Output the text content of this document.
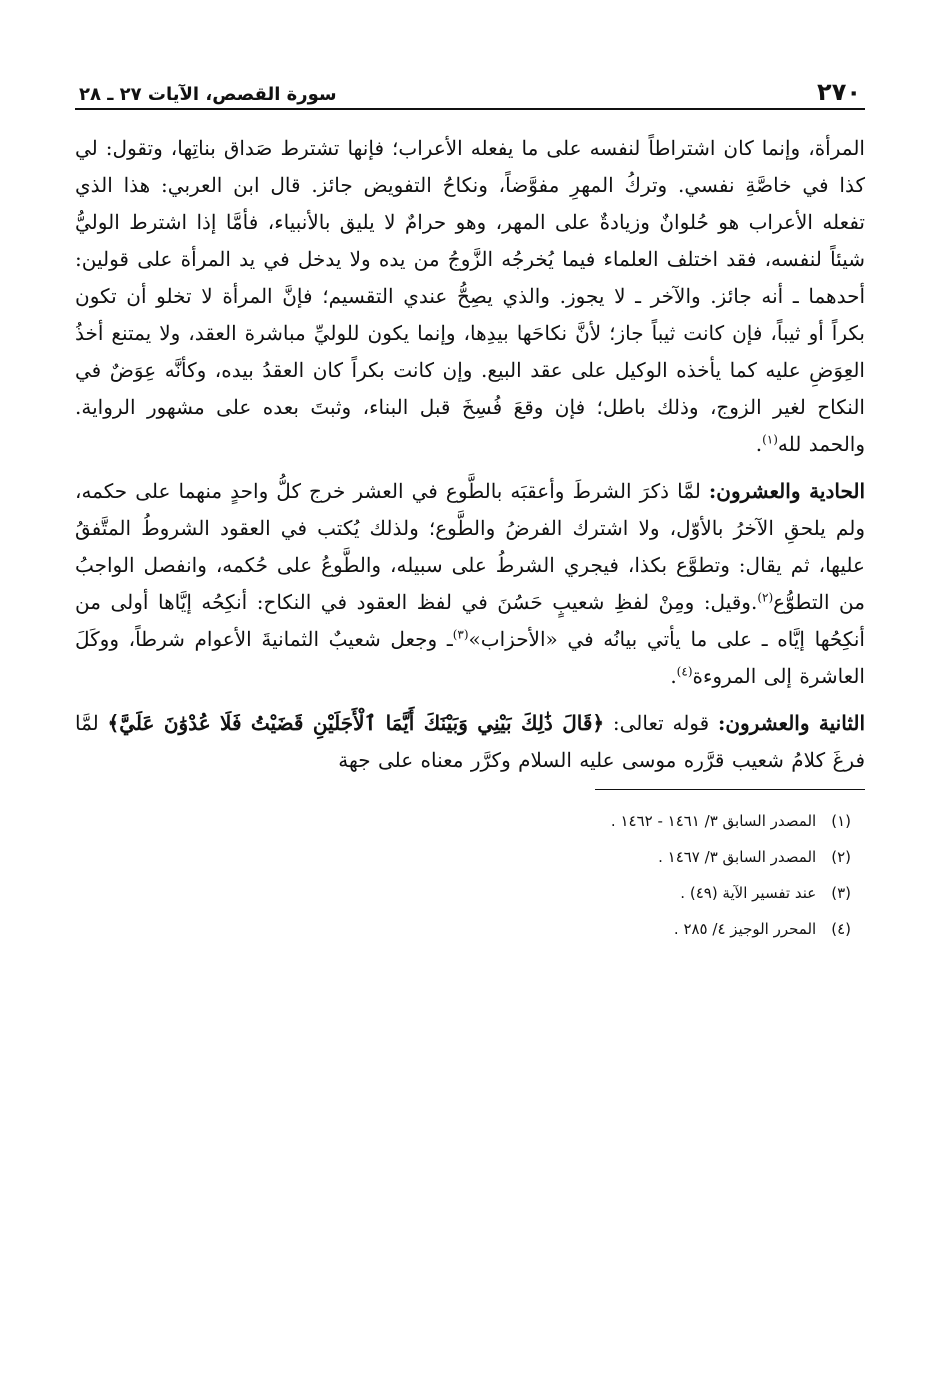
٢٧٠
سورة القصص، الآيات ٢٧ ـ ٢٨

المرأة، وإنما كان اشتراطاً لنفسه على ما يفعله الأعراب؛ فإنها تشترط صَداق بناتِها، وتقول: لي كذا في خاصَّةِ نفسي. وتركُ المهرِ مفوَّضاً، ونكاحُ التفويض جائز. قال ابن العربي: هذا الذي تفعله الأعراب هو حُلوانٌ وزيادةٌ على المهر، وهو حرامٌ لا يليق بالأنبياء، فأمَّا إذا اشترط الوليُّ شيئاً لنفسه، فقد اختلف العلماء فيما يُخرجُه الزَّوجُ من يده ولا يدخل في يد المرأة على قولين: أحدهما ـ أنه جائز. والآخر ـ لا يجوز. والذي يصِحُّ عندي التقسيم؛ فإنَّ المرأة لا تخلو أن تكون بكراً أو ثيباً، فإن كانت ثيباً جاز؛ لأنَّ نكاحَها بيدِها، وإنما يكون للوليِّ مباشرة العقد، ولا يمتنع أخذُ العِوَضِ عليه كما يأخذه الوكيل على عقد البيع. وإن كانت بكراً كان العقدُ بيده، وكأنَّه عِوَضٌ في النكاح لغير الزوج، وذلك باطل؛ فإن وقعَ فُسِخَ قبل البناء، وثبتَ بعده على مشهور الرواية. والحمد لله$^{(١)}$.

الحادية والعشرون: لمَّا ذكرَ الشرطَ وأعقبَه بالطَّوع في العشر خرج كلُّ واحدٍ منهما على حكمه، ولم يلحقِ الآخرُ بالأوّل، ولا اشترك الفرضُ والطَّوع؛ ولذلك يُكتب في العقود الشروطُ المتَّفقُ عليها، ثم يقال: وتطوَّع بكذا، فيجري الشرطُ على سبيله، والطَّوعُ على حُكمه، وانفصل الواجبُ من التطوُّع$^{(٢)}$.وقيل: ومِنْ لفظِ شعيبٍ حَسُنَ في لفظ العقود في النكاح: أنكِحُه إيَّاها أولى من أنكِحُها إيَّاه ـ على ما يأتي بيانُه في «الأحزاب»$^{(٣)}$ـ وجعل شعيبٌ الثمانيةَ الأعوام شرطاً، ووكَلَ العاشرة إلى المروءة$^{(٤)}$.

الثانية والعشرون: قوله تعالى: ﴿قَالَ ذَٰلِكَ بَيْنِي وَبَيْنَكَ أَيَّمَا ٱلْأَجَلَيْنِ قَضَيْتُ فَلَا عُدْوَٰنَ عَلَيَّ﴾ لمَّا فرغَ كلامُ شعيب قرَّره موسى عليه السلام وكرَّر معناه على جهة

(١) المصدر السابق ٣/ ١٤٦١ - ١٤٦٢ .

(٢) المصدر السابق ٣/ ١٤٦٧ .

(٣) عند تفسير الآية (٤٩) .

(٤) المحرر الوجيز ٤/ ٢٨٥ .
